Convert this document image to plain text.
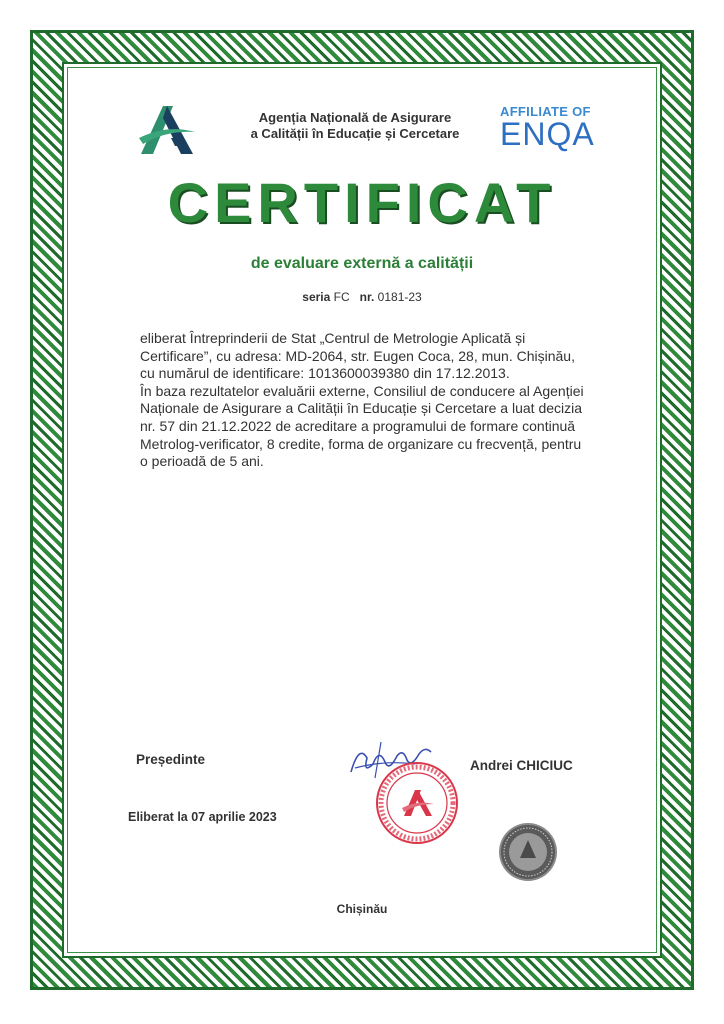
Agenția Națională de Asigurare
a Calității în Educație și Cercetare
AFFILIATE OF
ENQA
CERTIFICAT
de evaluare externă a calității
seria FC nr. 0181-23

eliberat Întreprinderii de Stat „Centrul de Metrologie Aplicată și Certificare”, cu adresa: MD-2064, str. Eugen Coca, 28, mun. Chișinău, cu numărul de identificare: 1013600039380 din 17.12.2013.

În baza rezultatelor evaluării externe, Consiliul de conducere al Agenției Naționale de Asigurare a Calității în Educație și Cercetare a luat decizia nr. 57 din 21.12.2022 de acreditare a programului de formare continuă Metrolog-verificator, 8 credite, forma de organizare cu frecvență, pentru o perioadă de 5 ani.

Președinte	Andrei CHICIUC
Eliberat la 07 aprilie 2023
Chișinău
